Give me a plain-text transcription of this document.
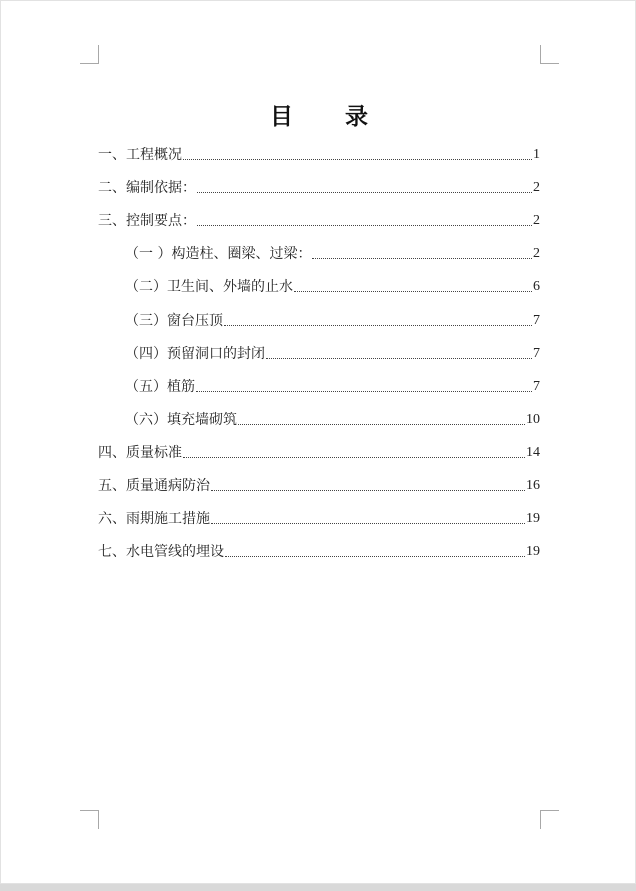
目 录
一、工程概况	1
二、编制依据：	2
三、控制要点：	2
（一 ）构造柱、圈梁、过梁：	2
（二）卫生间、外墙的止水	6
（三）窗台压顶	7
（四）预留洞口的封闭	7
（五）植筋	7
（六）填充墙砌筑	10
四、质量标准	14
五、质量通病防治	16
六、雨期施工措施	19
七、水电管线的埋设	19
